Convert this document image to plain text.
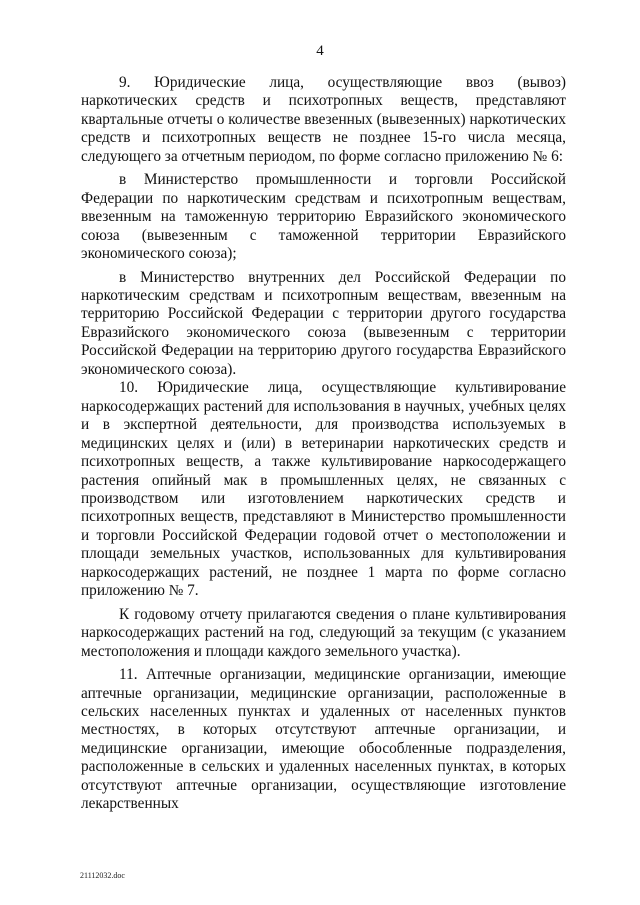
4

9. Юридические лица, осуществляющие ввоз (вывоз) наркотических средств и психотропных веществ, представляют квартальные отчеты о количестве ввезенных (вывезенных) наркотических средств и психотропных веществ не позднее 15-го числа месяца, следующего за отчетным периодом, по форме согласно приложению № 6:

в Министерство промышленности и торговли Российской Федерации по наркотическим средствам и психотропным веществам, ввезенным на таможенную территорию Евразийского экономического союза (вывезенным с таможенной территории Евразийского экономического союза);

в Министерство внутренних дел Российской Федерации по наркотическим средствам и психотропным веществам, ввезенным на территорию Российской Федерации с территории другого государства Евразийского экономического союза (вывезенным с территории Российской Федерации на территорию другого государства Евразийского экономического союза).

10. Юридические лица, осуществляющие культивирование наркосодержащих растений для использования в научных, учебных целях и в экспертной деятельности, для производства используемых в медицинских целях и (или) в ветеринарии наркотических средств и психотропных веществ, а также культивирование наркосодержащего растения опийный мак в промышленных целях, не связанных с производством или изготовлением наркотических средств и психотропных веществ, представляют в Министерство промышленности и торговли Российской Федерации годовой отчет о местоположении и площади земельных участков, использованных для культивирования наркосодержащих растений, не позднее 1 марта по форме согласно приложению № 7.

К годовому отчету прилагаются сведения о плане культивирования наркосодержащих растений на год, следующий за текущим (с указанием местоположения и площади каждого земельного участка).

11. Аптечные организации, медицинские организации, имеющие аптечные организации, медицинские организации, расположенные в сельских населенных пунктах и удаленных от населенных пунктов местностях, в которых отсутствуют аптечные организации, и медицинские организации, имеющие обособленные подразделения, расположенные в сельских и удаленных населенных пунктах, в которых отсутствуют аптечные организации, осуществляющие изготовление лекарственных

21112032.doc
